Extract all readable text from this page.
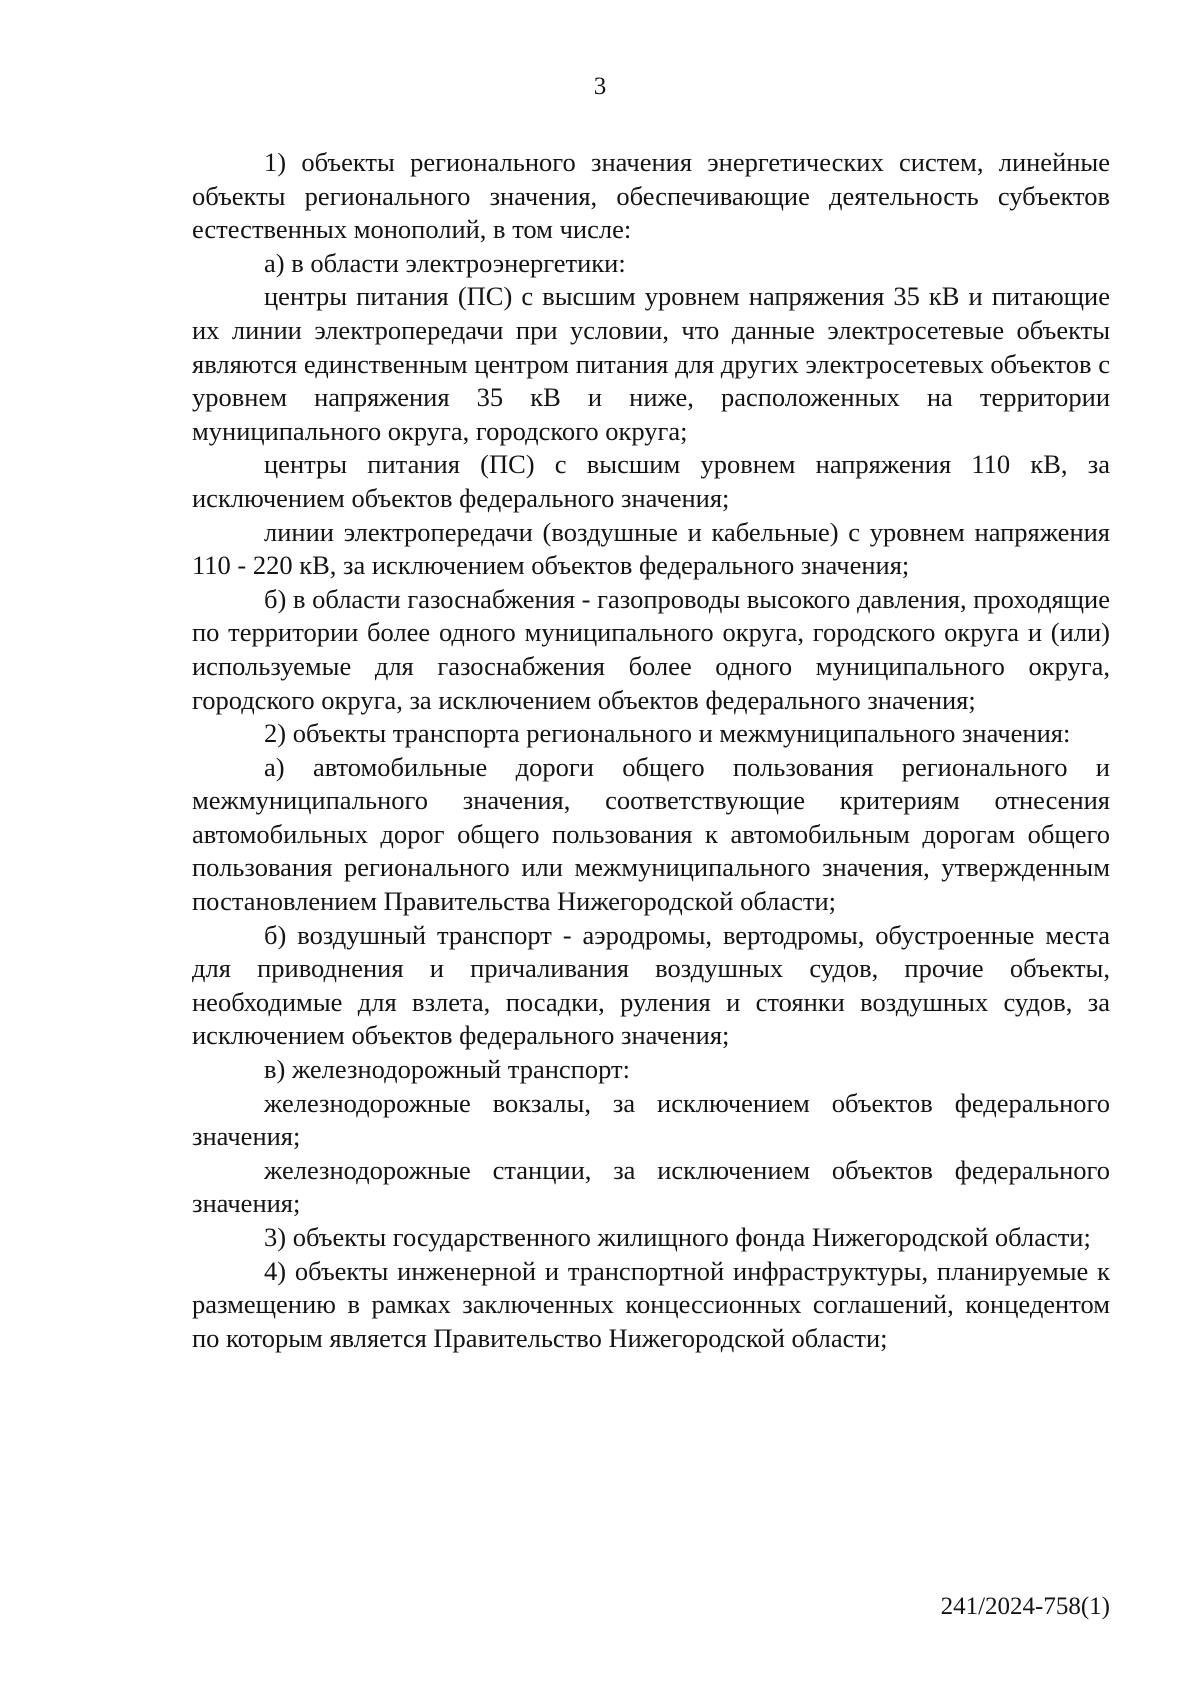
3

1) объекты регионального значения энергетических систем, линейные объекты регионального значения, обеспечивающие деятельность субъектов естественных монополий, в том числе:

а) в области электроэнергетики:

центры питания (ПС) с высшим уровнем напряжения 35 кВ и питающие их линии электропередачи при условии, что данные электросетевые объекты являются единственным центром питания для других электросетевых объектов с уровнем напряжения 35 кВ и ниже, расположенных на территории муниципального округа, городского округа;

центры питания (ПС) с высшим уровнем напряжения 110 кВ, за исключением объектов федерального значения;

линии электропередачи (воздушные и кабельные) с уровнем напряжения 110 - 220 кВ, за исключением объектов федерального значения;

б) в области газоснабжения - газопроводы высокого давления, проходящие по территории более одного муниципального округа, городского округа и (или) используемые для газоснабжения более одного муниципального округа, городского округа, за исключением объектов федерального значения;

2) объекты транспорта регионального и межмуниципального значения:

а) автомобильные дороги общего пользования регионального и межмуниципального значения, соответствующие критериям отнесения автомобильных дорог общего пользования к автомобильным дорогам общего пользования регионального или межмуниципального значения, утвержденным постановлением Правительства Нижегородской области;

б) воздушный транспорт - аэродромы, вертодромы, обустроенные места для приводнения и причаливания воздушных судов, прочие объекты, необходимые для взлета, посадки, руления и стоянки воздушных судов, за исключением объектов федерального значения;

в) железнодорожный транспорт:

железнодорожные вокзалы, за исключением объектов федерального значения;

железнодорожные станции, за исключением объектов федерального значения;

3) объекты государственного жилищного фонда Нижегородской области;

4) объекты инженерной и транспортной инфраструктуры, планируемые к размещению в рамках заключенных концессионных соглашений, концедентом по которым является Правительство Нижегородской области;

241/2024-758(1)
